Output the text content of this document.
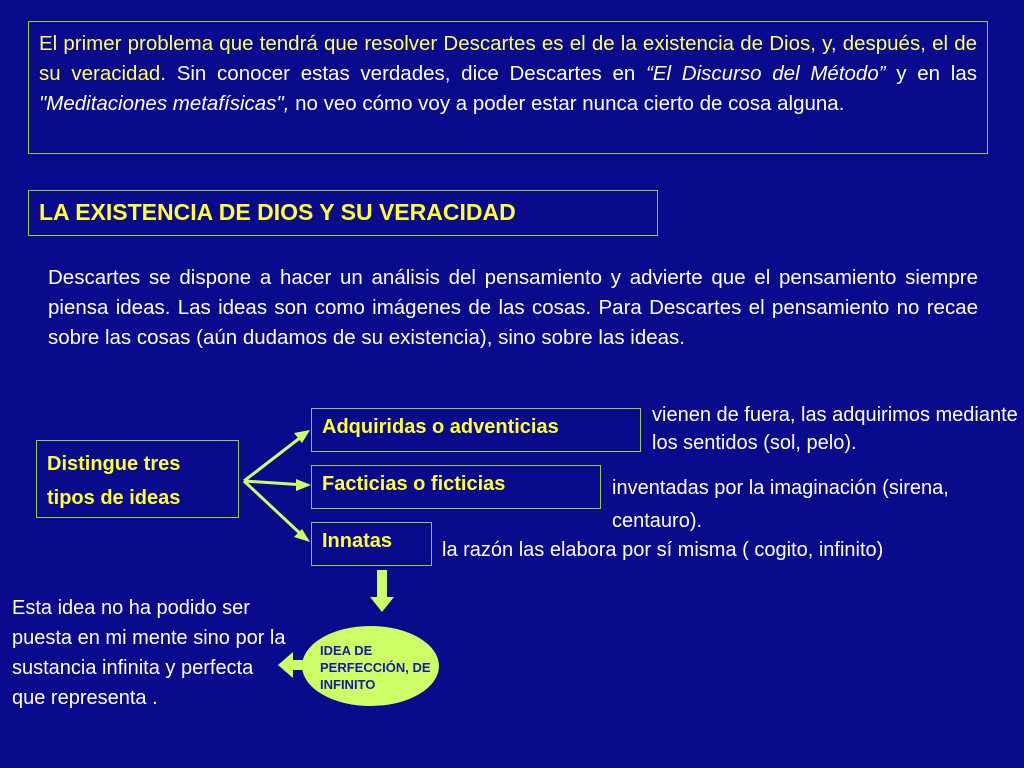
El primer problema que tendrá que resolver Descartes es el de la existencia de Dios, y, después, el de su veracidad. Sin conocer estas verdades, dice Descartes en “El Discurso del Método” y en las "Meditaciones metafísicas", no veo cómo voy a poder estar nunca cierto de cosa alguna.
LA EXISTENCIA DE DIOS Y SU VERACIDAD
Descartes se dispone a hacer un análisis del pensamiento y advierte que el pensamiento siempre piensa ideas. Las ideas son como imágenes de las cosas. Para Descartes el pensamiento no recae sobre las cosas (aún dudamos de su existencia), sino sobre las ideas.
Distingue tres tipos de ideas
Adquiridas o adventicias
Facticias o ficticias
Innatas
vienen de fuera, las adquirimos mediante los sentidos (sol, pelo).
inventadas por la imaginación (sirena, centauro).
la razón las elabora por sí misma ( cogito, infinito)
IDEA DE PERFECCIÓN, DE INFINITO
Esta idea no ha podido ser puesta en mi mente sino por la sustancia infinita y perfecta que representa .
